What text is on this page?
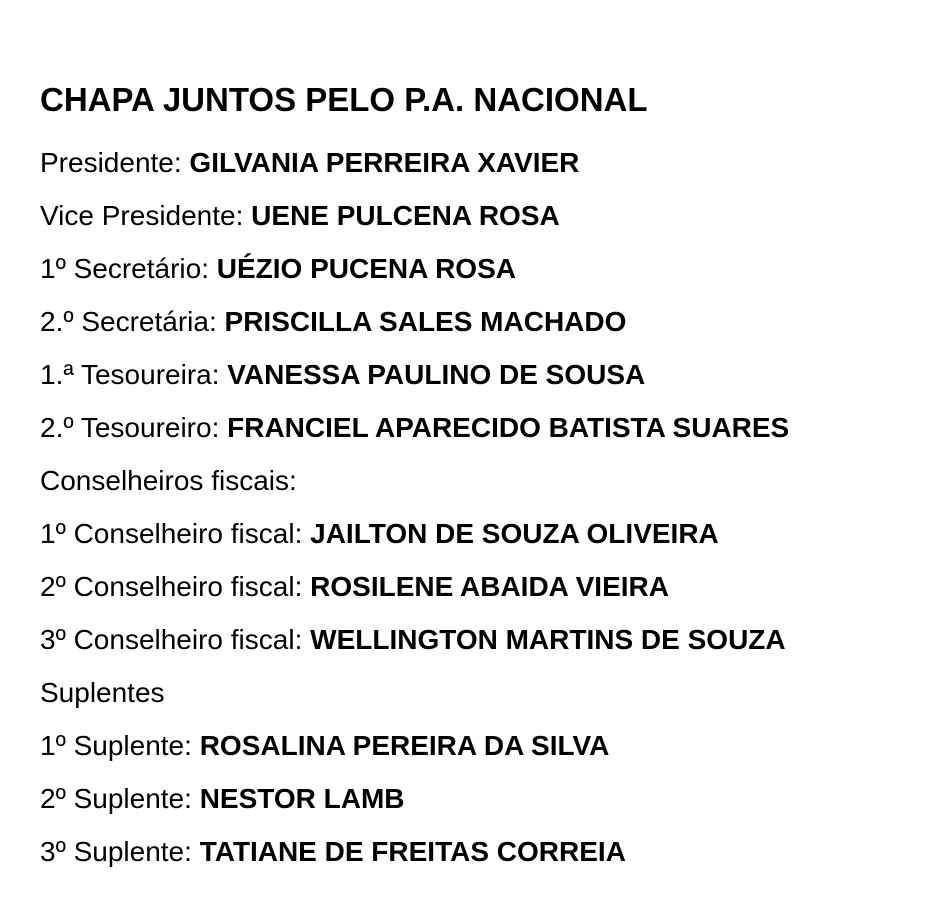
CHAPA JUNTOS PELO P.A. NACIONAL
Presidente: GILVANIA PERREIRA XAVIER
Vice Presidente: UENE PULCENA ROSA
1º Secretário: UÉZIO PUCENA ROSA
2.º Secretária: PRISCILLA SALES MACHADO
1.ª Tesoureira: VANESSA PAULINO DE SOUSA
2.º Tesoureiro: FRANCIEL APARECIDO BATISTA SUARES
Conselheiros fiscais:
1º Conselheiro fiscal: JAILTON DE SOUZA OLIVEIRA
2º Conselheiro fiscal: ROSILENE ABAIDA VIEIRA
3º Conselheiro fiscal: WELLINGTON MARTINS DE SOUZA
Suplentes
1º Suplente: ROSALINA PEREIRA DA SILVA
2º Suplente: NESTOR LAMB
3º Suplente: TATIANE DE FREITAS CORREIA
